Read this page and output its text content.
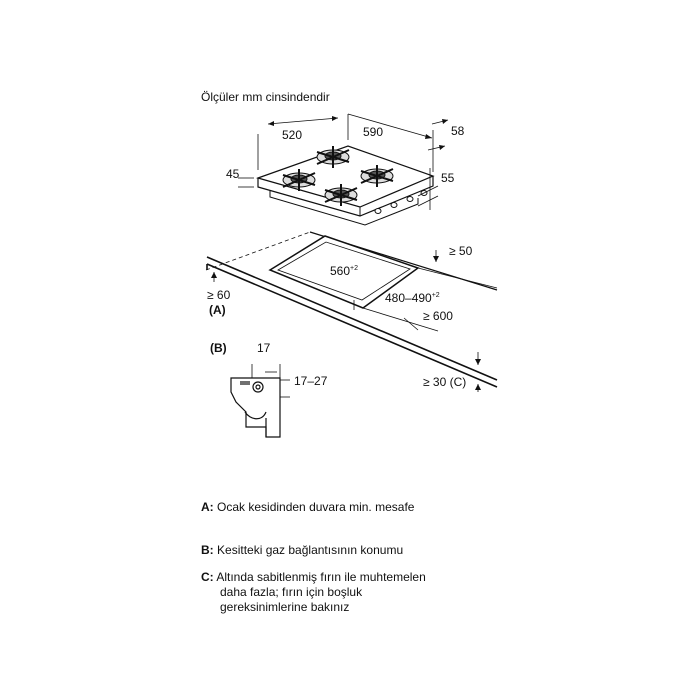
Ölçüler mm cinsindendir
520	590	58
45	55
≥ 50
$560^{+2}$
$480-490^{+2}$
≥ 60
(A)	≥ 600
≥ 30 (C)
(B)	17
17–27
A: Ocak kesidinden duvara min. mesafe
B: Kesitteki gaz bağlantısının konumu
C: Altında sabitlenmiş fırın ile muhtemelen
daha fazla; fırın için boşluk
gereksinimlerine bakınız
